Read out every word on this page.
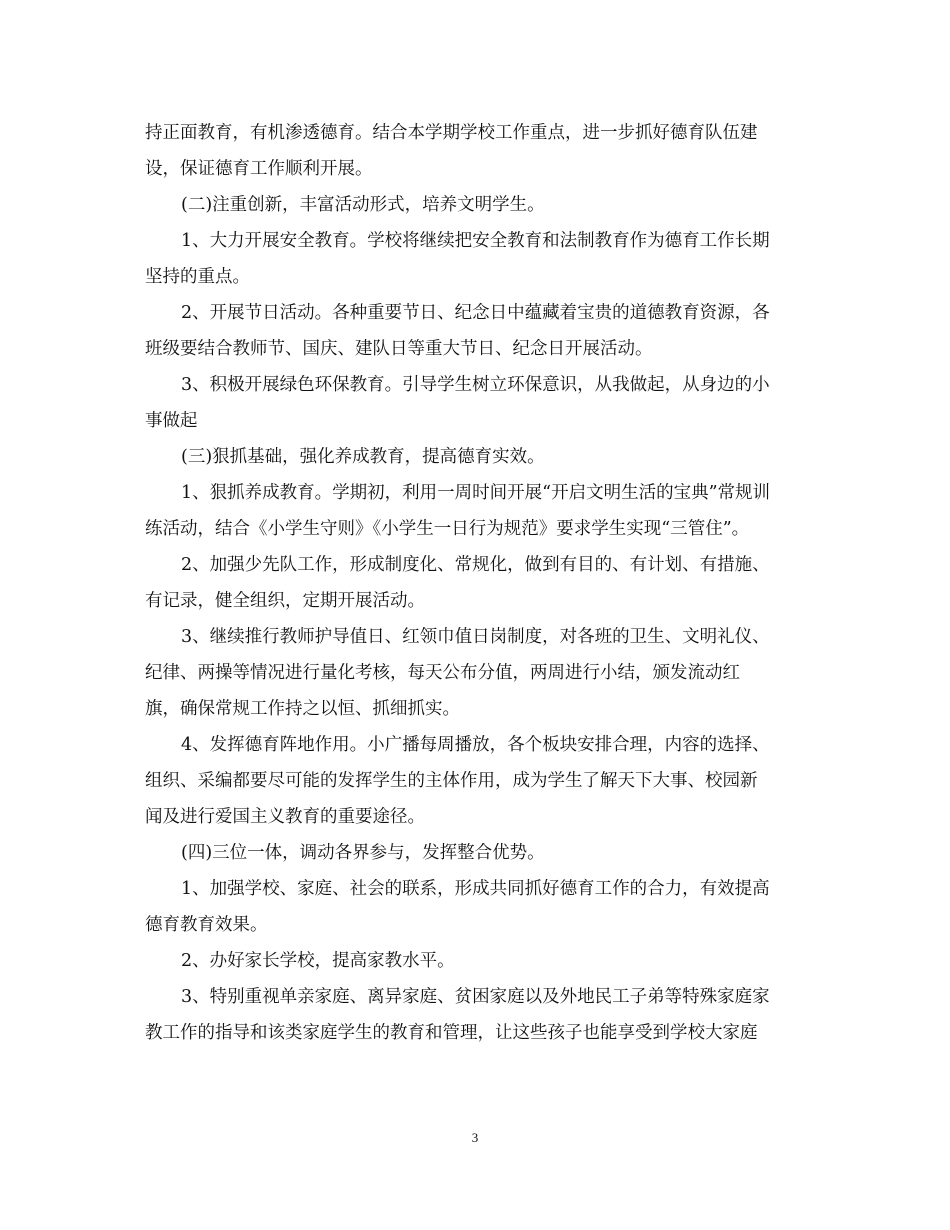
持正面教育，有机渗透德育。结合本学期学校工作重点，进一步抓好德育队伍建
设，保证德育工作顺利开展。
(二)注重创新，丰富活动形式，培养文明学生。
1、大力开展安全教育。学校将继续把安全教育和法制教育作为德育工作长期
坚持的重点。
2、开展节日活动。各种重要节日、纪念日中蕴藏着宝贵的道德教育资源，各
班级要结合教师节、国庆、建队日等重大节日、纪念日开展活动。
3、积极开展绿色环保教育。引导学生树立环保意识，从我做起，从身边的小
事做起
(三)狠抓基础，强化养成教育，提高德育实效。
1、狠抓养成教育。学期初，利用一周时间开展“开启文明生活的宝典”常规训
练活动，结合《小学生守则》《小学生一日行为规范》要求学生实现“三管住”。
2、加强少先队工作，形成制度化、常规化，做到有目的、有计划、有措施、
有记录，健全组织，定期开展活动。
3、继续推行教师护导值日、红领巾值日岗制度，对各班的卫生、文明礼仪、
纪律、两操等情况进行量化考核，每天公布分值，两周进行小结，颁发流动红
旗，确保常规工作持之以恒、抓细抓实。
4、发挥德育阵地作用。小广播每周播放，各个板块安排合理，内容的选择、
组织、采编都要尽可能的发挥学生的主体作用，成为学生了解天下大事、校园新
闻及进行爱国主义教育的重要途径。
(四)三位一体，调动各界参与，发挥整合优势。
1、加强学校、家庭、社会的联系，形成共同抓好德育工作的合力，有效提高
德育教育效果。
2、办好家长学校，提高家教水平。
3、特别重视单亲家庭、离异家庭、贫困家庭以及外地民工子弟等特殊家庭家
教工作的指导和该类家庭学生的教育和管理，让这些孩子也能享受到学校大家庭
3
